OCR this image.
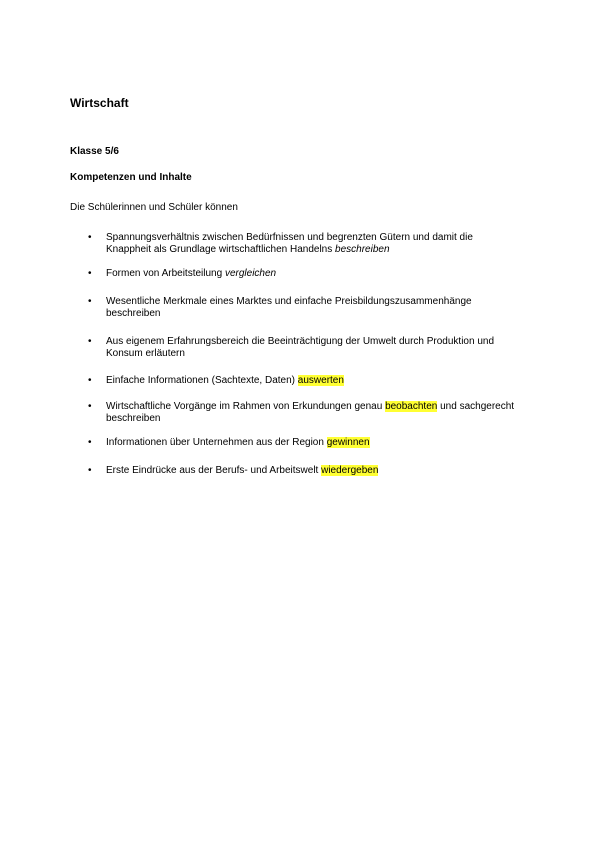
Wirtschaft
Klasse 5/6
Kompetenzen und Inhalte
Die Schülerinnen und Schüler können
•	Spannungsverhältnis zwischen Bedürfnissen und begrenzten Gütern und damit die Knappheit als Grundlage wirtschaftlichen Handelns beschreiben
•	Formen von Arbeitsteilung vergleichen
•	Wesentliche Merkmale eines Marktes und einfache Preisbildungszusammenhänge beschreiben
•	Aus eigenem Erfahrungsbereich die Beeinträchtigung der Umwelt durch Produktion und Konsum erläutern
•	Einfache Informationen (Sachtexte, Daten) auswerten
•	Wirtschaftliche Vorgänge im Rahmen von Erkundungen genau beobachten und sachgerecht beschreiben
•	Informationen über Unternehmen aus der Region gewinnen
•	Erste Eindrücke aus der Berufs- und Arbeitswelt wiedergeben
